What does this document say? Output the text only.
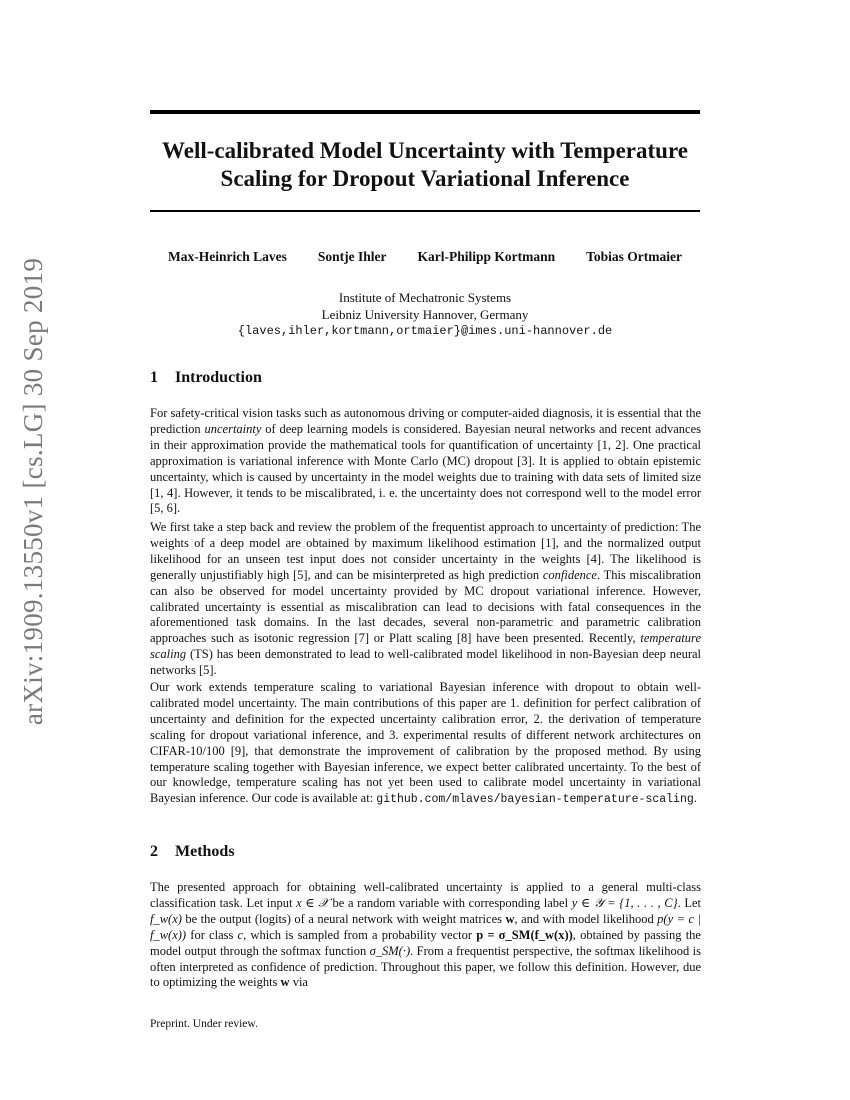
arXiv:1909.13550v1 [cs.LG] 30 Sep 2019
Well-calibrated Model Uncertainty with Temperature
Scaling for Dropout Variational Inference
Max-Heinrich Laves Sontje Ihler Karl-Philipp Kortmann Tobias Ortmaier
Institute of Mechatronic Systems
Leibniz University Hannover, Germany
{laves,ihler,kortmann,ortmaier}@imes.uni-hannover.de
1 Introduction

For safety-critical vision tasks such as autonomous driving or computer-aided diagnosis, it is essential that the prediction uncertainty of deep learning models is considered. Bayesian neural networks and recent advances in their approximation provide the mathematical tools for quantification of uncertainty [1, 2]. One practical approximation is variational inference with Monte Carlo (MC) dropout [3]. It is applied to obtain epistemic uncertainty, which is caused by uncertainty in the model weights due to training with data sets of limited size [1, 4]. However, it tends to be miscalibrated, i. e. the uncertainty does not correspond well to the model error [5, 6].

We first take a step back and review the problem of the frequentist approach to uncertainty of prediction: The weights of a deep model are obtained by maximum likelihood estimation [1], and the normalized output likelihood for an unseen test input does not consider uncertainty in the weights [4]. The likelihood is generally unjustifiably high [5], and can be misinterpreted as high prediction confidence. This miscalibration can also be observed for model uncertainty provided by MC dropout variational inference. However, calibrated uncertainty is essential as miscalibration can lead to decisions with fatal consequences in the aforementioned task domains. In the last decades, several non-parametric and parametric calibration approaches such as isotonic regression [7] or Platt scaling [8] have been presented. Recently, temperature scaling (TS) has been demonstrated to lead to well-calibrated model likelihood in non-Bayesian deep neural networks [5].

Our work extends temperature scaling to variational Bayesian inference with dropout to obtain well-calibrated model uncertainty. The main contributions of this paper are 1. definition for perfect calibration of uncertainty and definition for the expected uncertainty calibration error, 2. the derivation of temperature scaling for dropout variational inference, and 3. experimental results of different network architectures on CIFAR-10/100 [9], that demonstrate the improvement of calibration by the proposed method. By using temperature scaling together with Bayesian inference, we expect better calibrated uncertainty. To the best of our knowledge, temperature scaling has not yet been used to calibrate model uncertainty in variational Bayesian inference. Our code is available at: github.com/mlaves/bayesian-temperature-scaling.

2 Methods

The presented approach for obtaining well-calibrated uncertainty is applied to a general multi-class classification task. Let input x ∈ 𝒳 be a random variable with corresponding label y ∈ 𝒴 = {1, . . . , C}. Let f_w(x) be the output (logits) of a neural network with weight matrices w, and with model likelihood p(y = c | f_w(x)) for class c, which is sampled from a probability vector p = σ_SM(f_w(x)), obtained by passing the model output through the softmax function σ_SM(·). From a frequentist perspective, the softmax likelihood is often interpreted as confidence of prediction. Throughout this paper, we follow this definition. However, due to optimizing the weights w via

Preprint. Under review.
